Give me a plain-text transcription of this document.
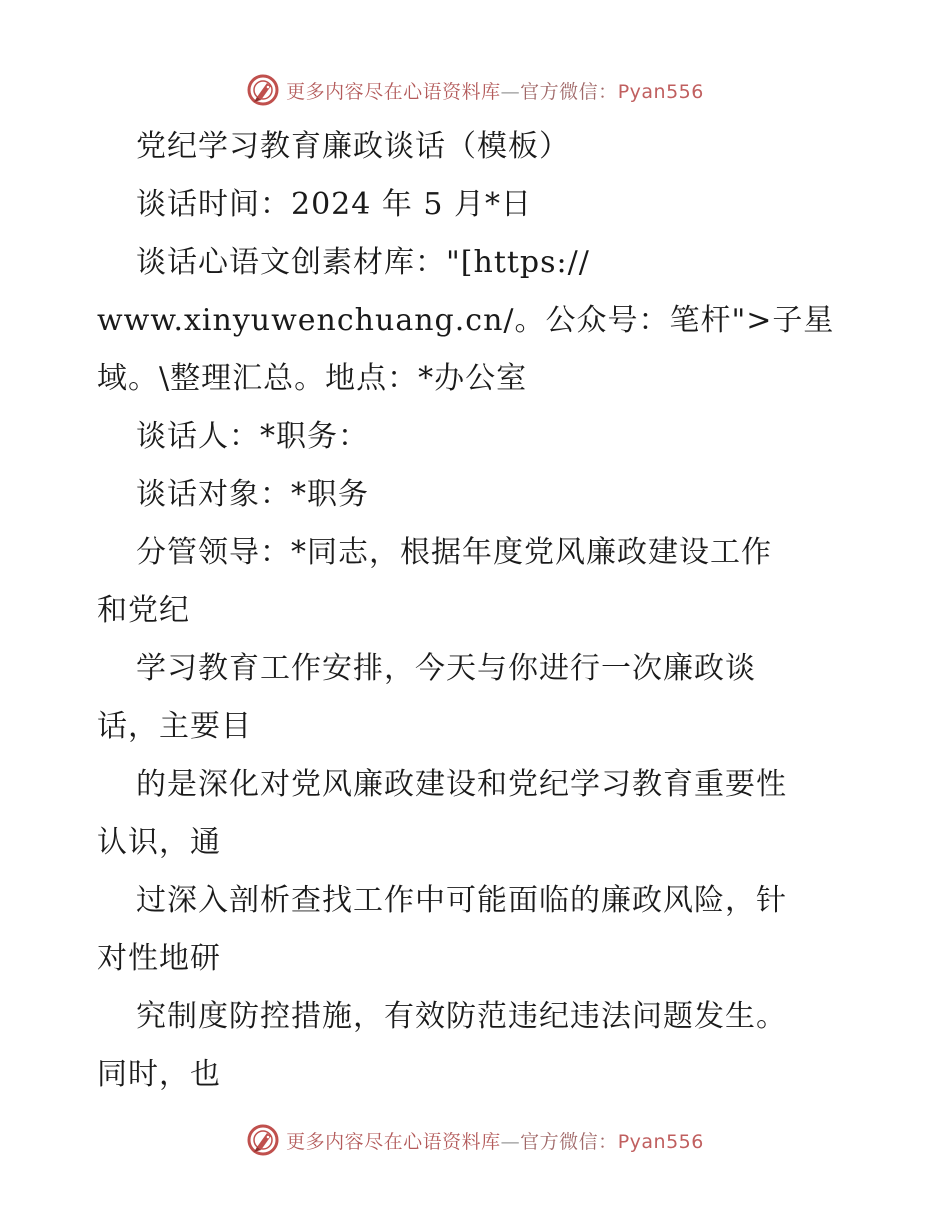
更多内容尽在心语资料库—官方微信：Pyan556
党纪学习教育廉政谈话（模板）
谈话时间：2024 年 5 月*日
谈话心语文创素材库："[https://
www.xinyuwenchuang.cn/。公众号：笔杆">子星
域。\整理汇总。地点：*办公室
谈话人：*职务：
谈话对象：*职务
分管领导：*同志，根据年度党风廉政建设工作
和党纪
学习教育工作安排，今天与你进行一次廉政谈
话，主要目
的是深化对党风廉政建设和党纪学习教育重要性
认识，通
过深入剖析查找工作中可能面临的廉政风险，针
对性地研
究制度防控措施，有效防范违纪违法问题发生。
同时，也
更多内容尽在心语资料库—官方微信：Pyan556
